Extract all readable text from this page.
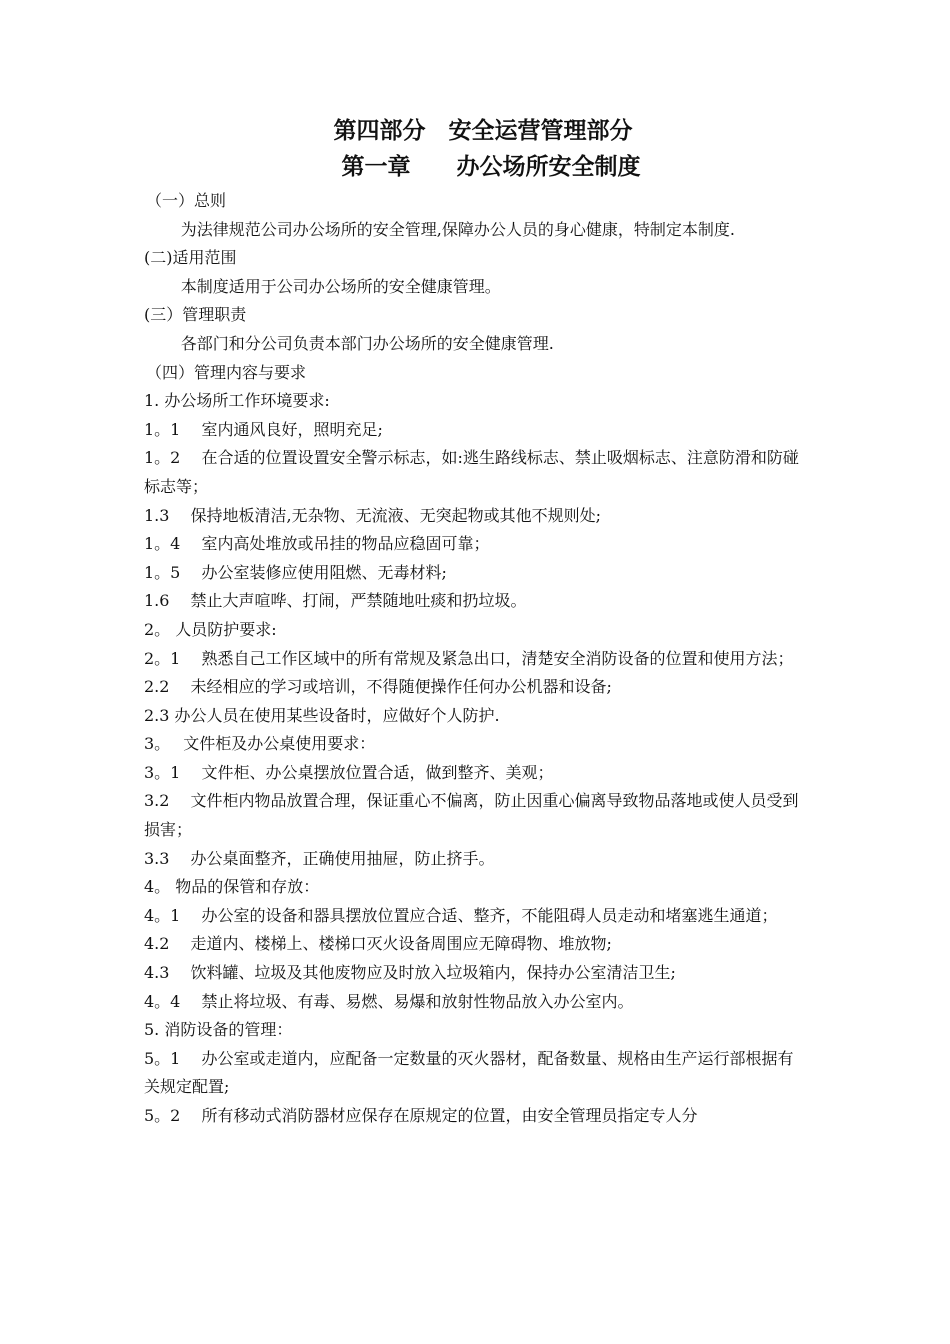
第四部分　安全运营管理部分
第一章　　办公场所安全制度

（一）总则

为法律规范公司办公场所的安全管理,保障办公人员的身心健康，特制定本制度.

(二)适用范围

本制度适用于公司办公场所的安全健康管理。

(三）管理职责

各部门和分公司负责本部门办公场所的安全健康管理.

（四）管理内容与要求

1. 办公场所工作环境要求:

1。1　 室内通风良好，照明充足;

1。2　 在合适的位置设置安全警示标志，如:逃生路线标志、禁止吸烟标志、注意防滑和防碰标志等；

1.3　 保持地板清洁,无杂物、无流液、无突起物或其他不规则处;

1。4　 室内高处堆放或吊挂的物品应稳固可靠；

1。5　 办公室装修应使用阻燃、无毒材料;

1.6　 禁止大声喧哗、打闹，严禁随地吐痰和扔垃圾。

2。 人员防护要求:

2。1　 熟悉自己工作区域中的所有常规及紧急出口，清楚安全消防设备的位置和使用方法；

2.2　 未经相应的学习或培训，不得随便操作任何办公机器和设备;

2.3 办公人员在使用某些设备时，应做好个人防护.

3。　 文件柜及办公桌使用要求：

3。1　 文件柜、办公桌摆放位置合适，做到整齐、美观；

3.2　 文件柜内物品放置合理，保证重心不偏离，防止因重心偏离导致物品落地或使人员受到损害；

3.3　 办公桌面整齐，正确使用抽屉，防止挤手。

4。 物品的保管和存放：

4。1　 办公室的设备和器具摆放位置应合适、整齐，不能阻碍人员走动和堵塞逃生通道；

4.2　 走道内、楼梯上、楼梯口灭火设备周围应无障碍物、堆放物;

4.3　 饮料罐、垃圾及其他废物应及时放入垃圾箱内，保持办公室清洁卫生;

4。4　 禁止将垃圾、有毒、易燃、易爆和放射性物品放入办公室内。

5. 消防设备的管理：

5。1　 办公室或走道内，应配备一定数量的灭火器材，配备数量、规格由生产运行部根据有关规定配置;

5。2　 所有移动式消防器材应保存在原规定的位置，由安全管理员指定专人分
